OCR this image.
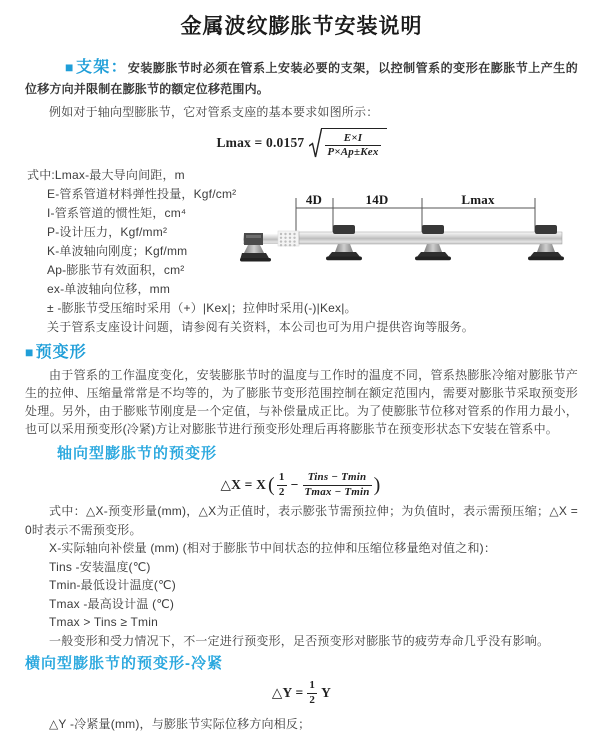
金属波纹膨胀节安装说明

■ 支架：安装膨胀节时必须在管系上安装必要的支架，以控制管系的变形在膨胀节上产生的位移方向并限制在膨胀节的额定位移范围内。

例如对于轴向型膨胀节，它对管系支座的基本要求如图所示：

$Lmax = 0.0157 \frac{E\times I}{\text{P×Ap±Kex}}$
式中:Lmax-最大导向间距，m
E-管系管道材料弹性投量，Kgf/cm²
I-管系管道的惯性矩，cm⁴
P-设计压力，Kgf/mm²
K-单波轴向刚度；Kgf/mm
Ap-膨胀节有效面积，cm²
ex-单波轴向位移，mm
± -膨胀节受压缩时采用（+）|Kex|；拉伸时采用(-)|Kex|。
关于管系支座设计问题，请参阅有关资料，本公司也可为用户提供咨询等服务。

■ 预变形

由于管系的工作温度变化，安装膨胀节时的温度与工作时的温度不同，管系热膨胀冷缩对膨胀节产生的拉伸、压缩量常常是不均等的，为了膨胀节变形范围控制在额定范围内，需要对膨胀节采取预变形处理。另外，由于膨账节刚度是一个定值，与补偿量成正比。为了使膨胀节位移对管系的作用力最小，也可以采用预变形(冷紧)方让对膨胀节进行预变形处理后再将膨胀节在预变形状态下安装在管系中。

轴向型膨胀节的预变形
△X = X ( $\frac{1}{2} - \frac{\text{Tins − Tmin}}{Tmax - Tmin}$ )

式中：△X-预变形量(mm)，△X为正值时，表示膨张节需预拉伸；为负值时，表示需预压缩；△X = 0时表示不需预变形。

X-实际轴向补偿量 (mm) (相对于膨胀节中间状态的拉伸和压缩位移量绝对值之和)：

Tins -安装温度(℃)

Tmin-最低设计温度(℃)

Tmax -最高设计温 (℃)

Tmax > Tins ≥ Tmin

一般变形和受力情况下，不一定进行预变形，足否预变形对膨胀节的疲劳寿命几乎没有影响。

横向型膨胀节的预变形-冷紧
△Y = $\frac{1}{2}$ Y

△Y -冷紧量(mm)，与膨胀节实际位移方向相反；

4D	14D	Lmax
